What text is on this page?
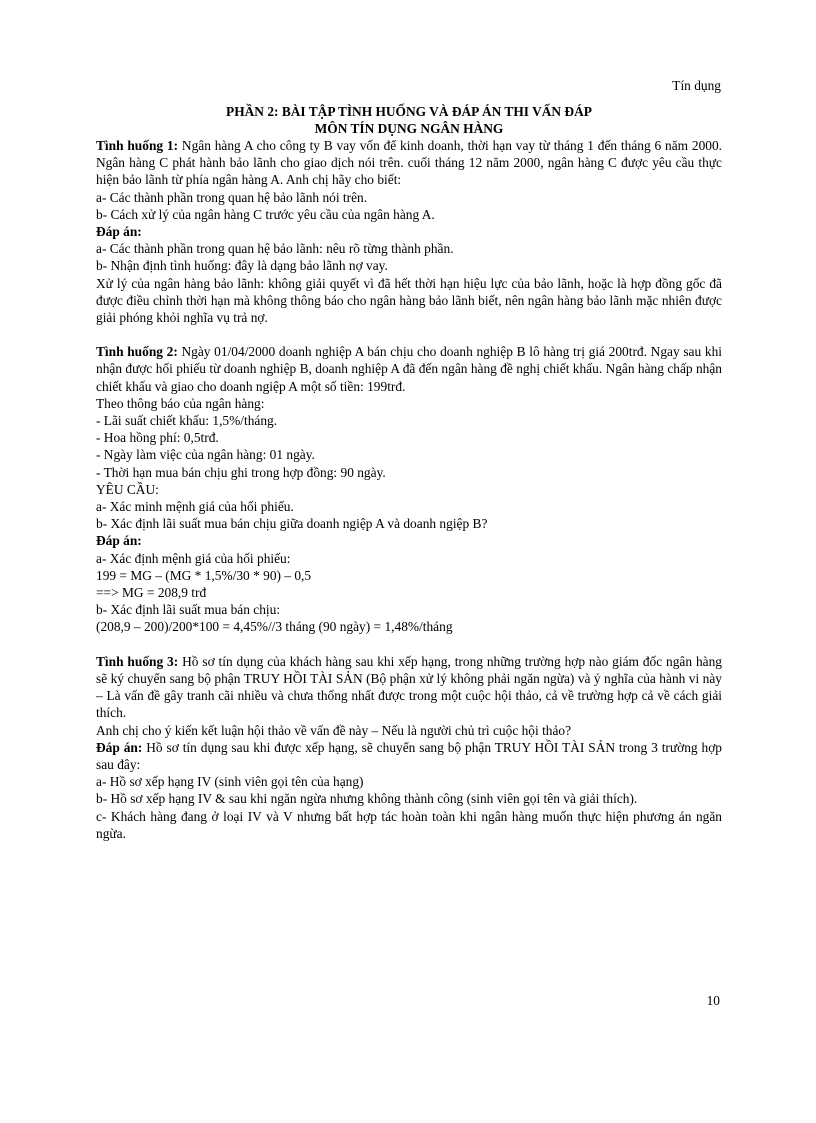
Tín dụng
PHẦN 2: BÀI TẬP TÌNH HUỐNG VÀ ĐÁP ÁN THI VẤN ĐÁP
MÔN TÍN DỤNG NGÂN HÀNG

Tình huống 1: Ngân hàng A cho công ty B vay vốn để kinh doanh, thời hạn vay từ tháng 1 đến tháng 6 năm 2000. Ngân hàng C phát hành bảo lãnh cho giao dịch nói trên. cuối tháng 12 năm 2000, ngân hàng C được yêu cầu thực hiện bảo lãnh từ phía ngân hàng A. Anh chị hãy cho biết:

a- Các thành phần trong quan hệ bảo lãnh nói trên.

b- Cách xử lý của ngân hàng C trước yêu cầu của ngân hàng A.

Đáp án:

a- Các thành phần trong quan hệ bảo lãnh: nêu rõ từng thành phần.

b- Nhận định tình huống: đây là dạng bảo lãnh nợ vay.

Xử lý của ngân hàng bảo lãnh: không giải quyết vì đã hết thời hạn hiệu lực của bảo lãnh, hoặc là hợp đồng gốc đã được điều chỉnh thời hạn mà không thông báo cho ngân hàng bảo lãnh biết, nên ngân hàng bảo lãnh mặc nhiên được giải phóng khỏi nghĩa vụ trả nợ.

Tình huống 2: Ngày 01/04/2000 doanh nghiệp A bán chịu cho doanh nghiệp B lô hàng trị giá 200trđ. Ngay sau khi nhận được hối phiếu từ doanh nghiệp B, doanh nghiệp A đã đến ngân hàng đề nghị chiết khấu. Ngân hàng chấp nhận chiết khấu và giao cho doanh ngiệp A một số tiền: 199trđ.

Theo thông báo của ngân hàng:

- Lãi suất chiết khấu: 1,5%/tháng.

- Hoa hồng phí: 0,5trđ.

- Ngày làm việc của ngân hàng: 01 ngày.

- Thời hạn mua bán chịu ghi trong hợp đồng: 90 ngày.

YÊU CẦU:

a- Xác minh mệnh giá của hối phiếu.

b- Xác định lãi suất mua bán chịu giữa doanh ngiệp A và doanh ngiệp B?

Đáp án:

a- Xác định mệnh giá của hối phiếu:

199 = MG – (MG * 1,5%/30 * 90) – 0,5

==> MG = 208,9 trđ

b- Xác định lãi suất mua bán chịu:

(208,9 – 200)/200*100 = 4,45%//3 tháng (90 ngày) = 1,48%/tháng

Tình huống 3: Hồ sơ tín dụng của khách hàng sau khi xếp hạng, trong những trường hợp nào giám đốc ngân hàng sẽ ký chuyển sang bộ phận TRUY HỒI TÀI SẢN (Bộ phận xử lý không phải ngăn ngừa) và ý nghĩa của hành vi này – Là vấn đề gây tranh cãi nhiều và chưa thống nhất được trong một cuộc hội thảo, cả về trường hợp cả về cách giải thích.

Anh chị cho ý kiến kết luận hội thảo về vấn đề này – Nếu là người chủ trì cuộc hội thảo?

Đáp án: Hồ sơ tín dụng sau khi được xếp hạng, sẽ chuyển sang bộ phận TRUY HỒI TÀI SẢN trong 3 trường hợp sau đây:

a- Hồ sơ xếp hạng IV (sinh viên gọi tên của hạng)

b- Hồ sơ xếp hạng IV & sau khi ngăn ngừa nhưng không thành công (sinh viên gọi tên và giải thích).

c- Khách hàng đang ở loại IV và V nhưng bất hợp tác hoàn toàn khi ngân hàng muốn thực hiện phương án ngăn ngừa.

10
